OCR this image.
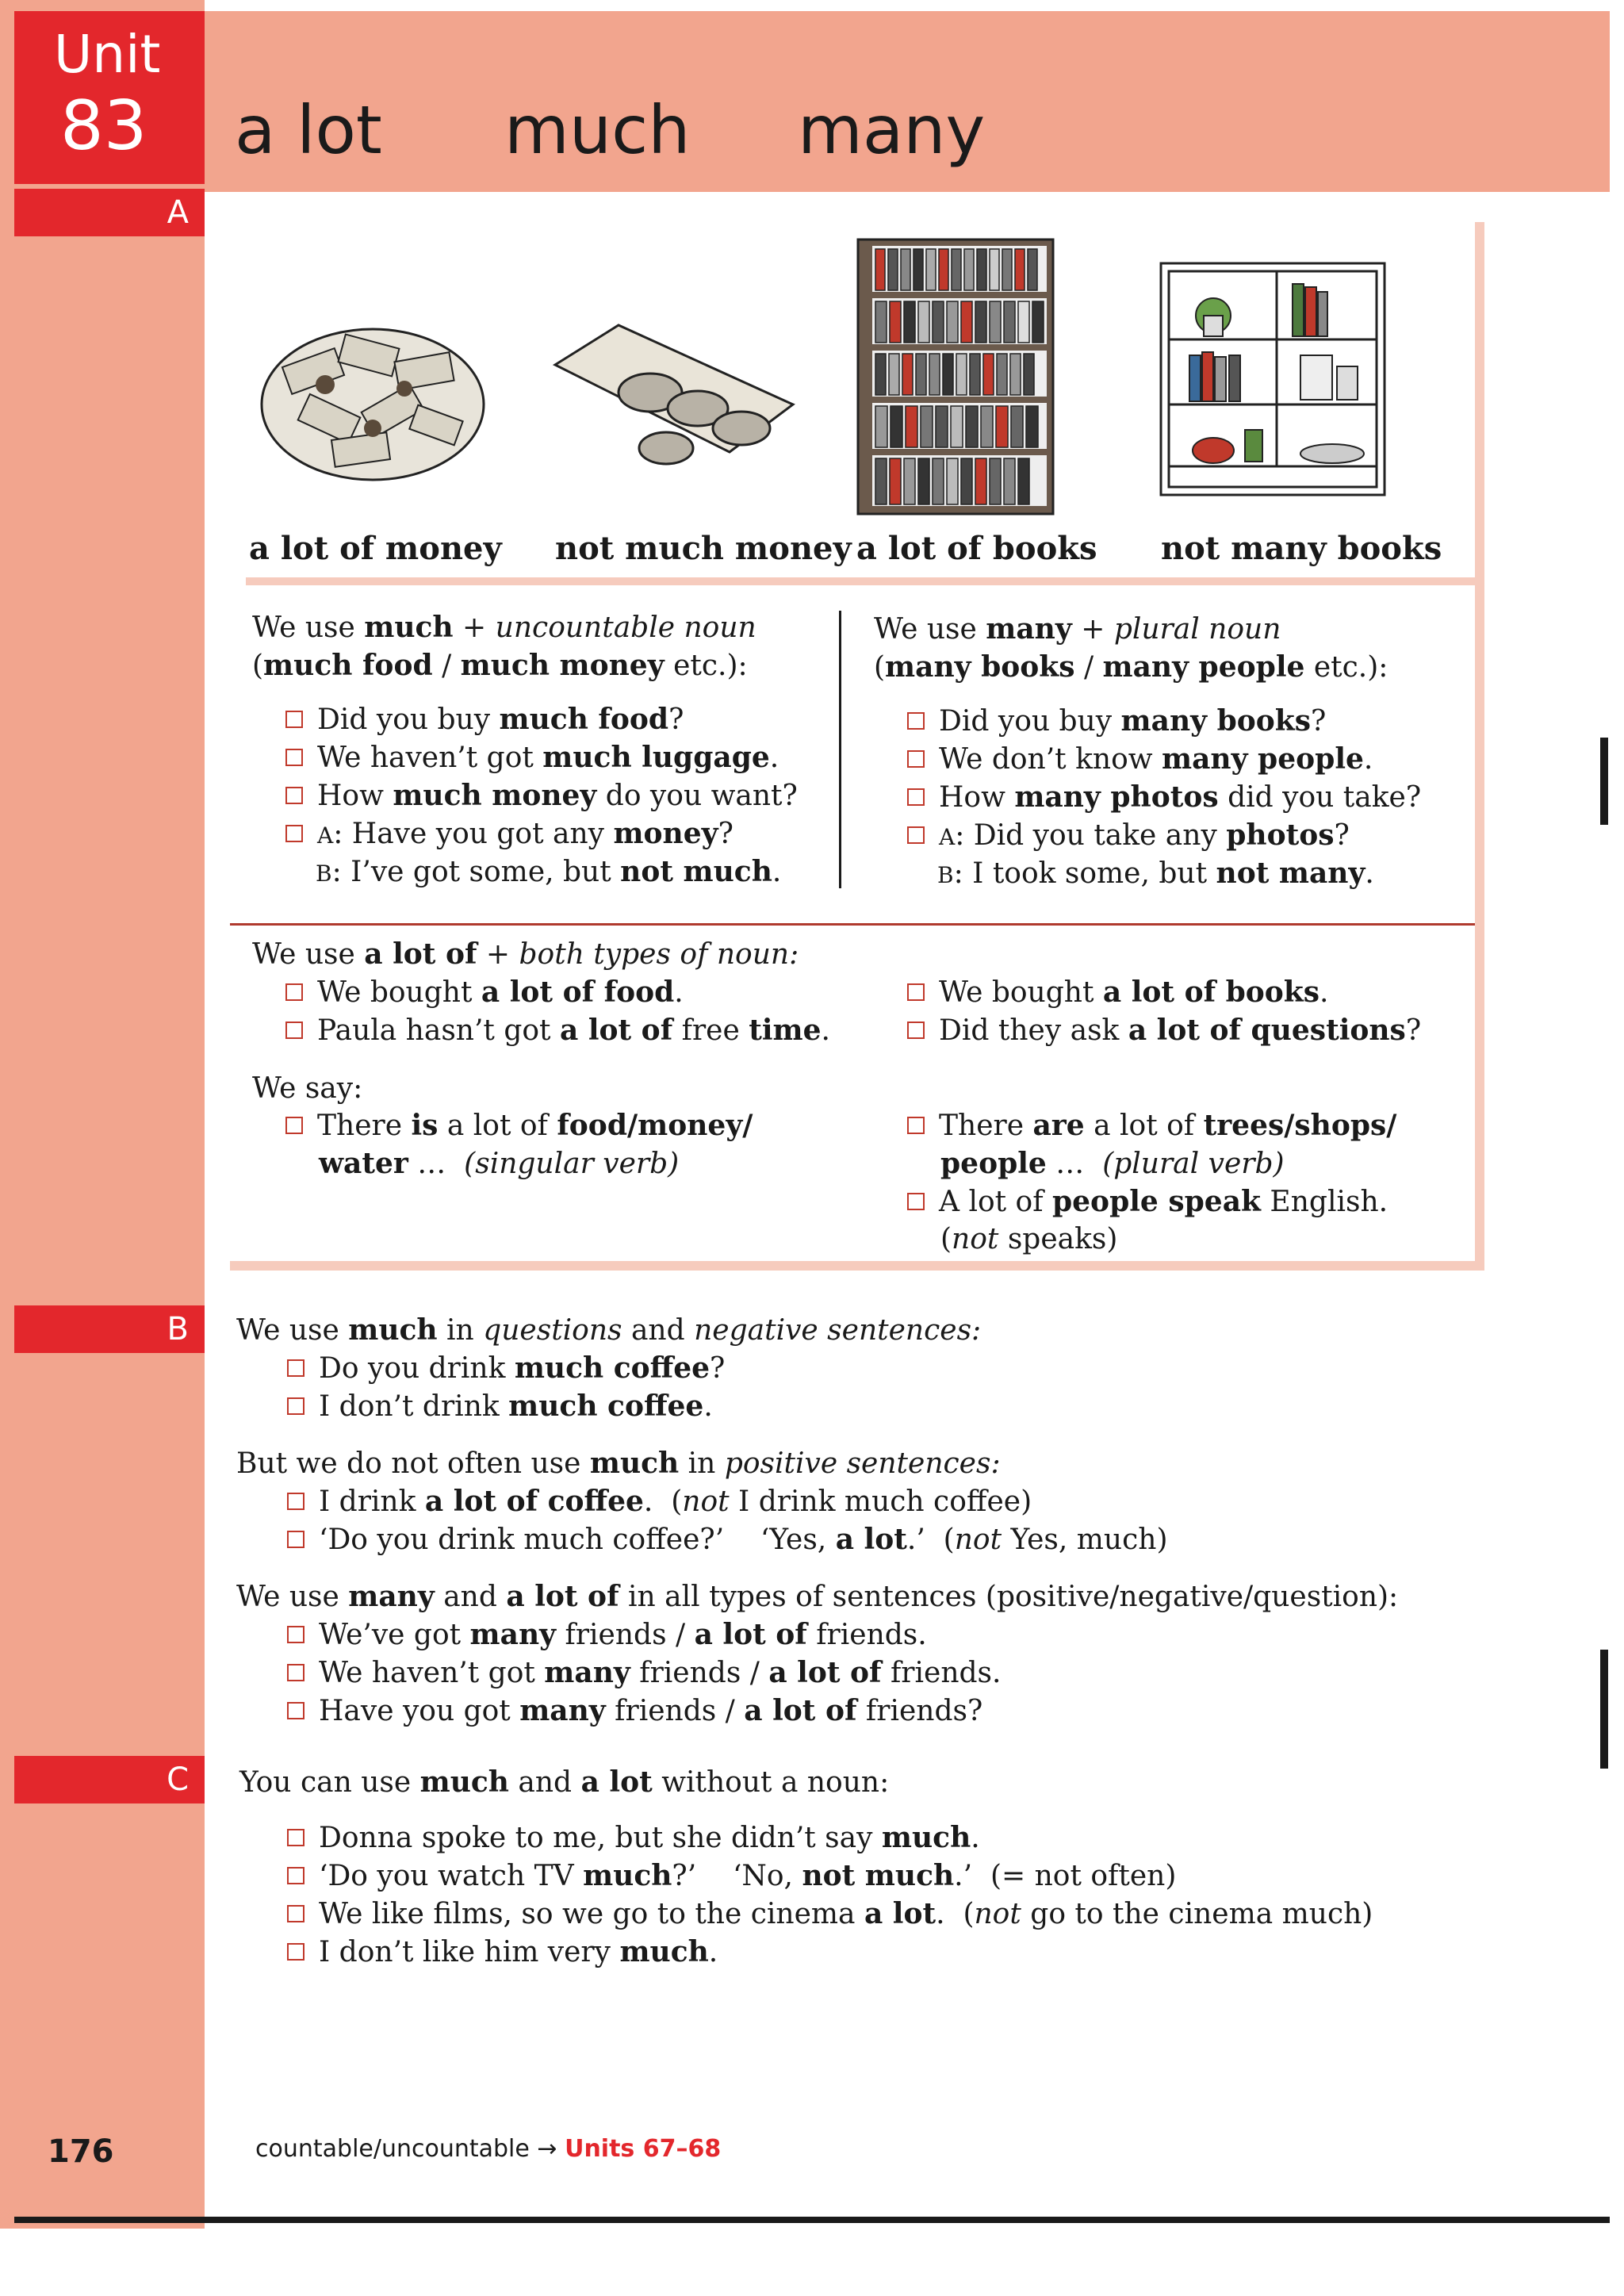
a lot much many
Unit
83
A
B
C
a lot of money not much money a lot of books not many books
We use much + uncountable noun
(much food / much money etc.):
Did you buy much food?
We haven’t got much luggage.
How much money do you want?
A: Have you got any money?
B: I’ve got some, but not much.
We use many + plural noun
(many books / many people etc.):
Did you buy many books?
We don’t know many people.
How many photos did you take?
A: Did you take any photos?
B: I took some, but not many.
We use a lot of + both types of noun:
We bought a lot of food.
Paula hasn’t got a lot of free time.
We bought a lot of books.
Did they ask a lot of questions?
We say:
There is a lot of food/money/
water …  (singular verb)
There are a lot of trees/shops/
people …  (plural verb)
A lot of people speak English.
(not speaks)
We use much in questions and negative sentences:
Do you drink much coffee?
I don’t drink much coffee.
But we do not often use much in positive sentences:
I drink a lot of coffee.  (not I drink much coffee)
‘Do you drink much coffee?’    ‘Yes, a lot.’  (not Yes, much)
We use many and a lot of in all types of sentences (positive/negative/question):
We’ve got many friends / a lot of friends.
We haven’t got many friends / a lot of friends.
Have you got many friends / a lot of friends?
You can use much and a lot without a noun:
Donna spoke to me, but she didn’t say much.
‘Do you watch TV much?’    ‘No, not much.’  (= not often)
We like films, so we go to the cinema a lot.  (not go to the cinema much)
I don’t like him very much.
176	countable/uncountable → Units 67–68
